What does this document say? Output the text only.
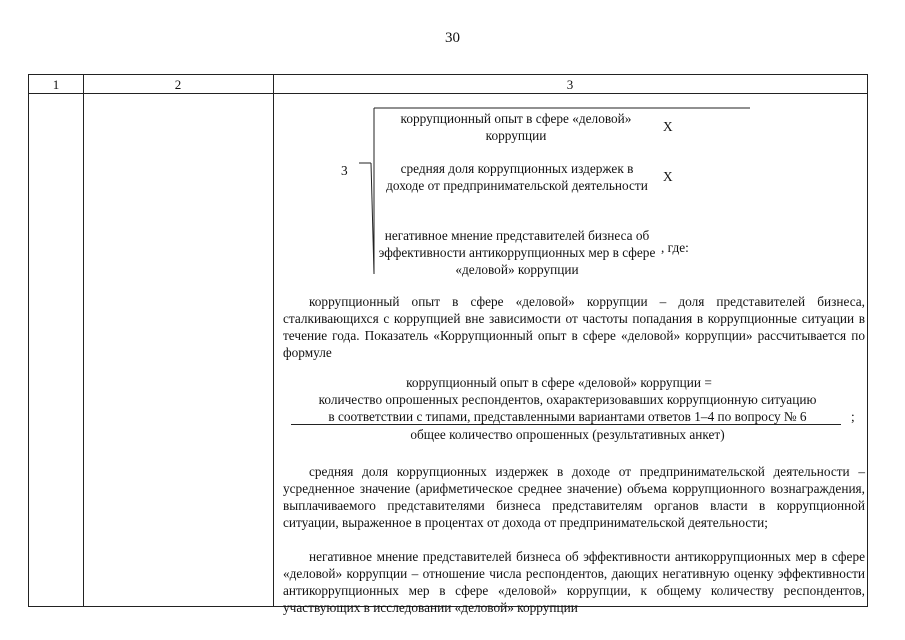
30
1	2	3
3
коррупционный опыт в сфере «деловой» коррупции
X
средняя доля коррупционных издержек в доходе от предпринимательской деятельности
X
негативное мнение представителей бизнеса об эффективности антикоррупционных мер в сфере «деловой» коррупции
, где:
коррупционный опыт в сфере «деловой» коррупции – доля представителей бизнеса, сталкивающихся с коррупцией вне зависимости от частоты попадания в коррупционные ситуации в течение года. Показатель «Коррупционный опыт в сфере «деловой» коррупции» рассчитывается по формуле
коррупционный опыт в сфере «деловой» коррупции =
количество опрошенных респондентов, охарактеризовавших коррупционную ситуацию
в соответствии с типами, представленными вариантами ответов 1–4 по вопросу № 6	;
общее количество опрошенных (результативных анкет)
средняя доля коррупционных издержек в доходе от предпринимательской деятельности – усредненное значение (арифметическое среднее значение) объема коррупционного вознаграждения, выплачиваемого представителями бизнеса представителям органов власти в коррупционной ситуации, выраженное в процентах от дохода от предпринимательской деятельности;
негативное мнение представителей бизнеса об эффективности антикоррупционных мер в сфере «деловой» коррупции – отношение числа респондентов, дающих негативную оценку эффективности антикоррупционных мер в сфере «деловой» коррупции, к общему количеству респондентов, участвующих в исследовании «деловой» коррупции
